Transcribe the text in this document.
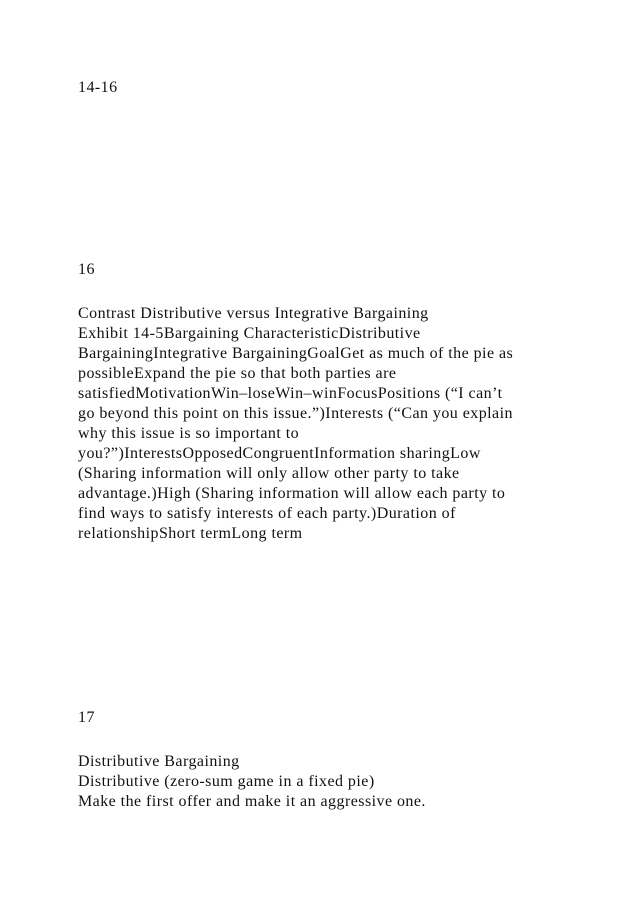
14-16
16
Contrast Distributive versus Integrative Bargaining
Exhibit 14-5Bargaining CharacteristicDistributive
BargainingIntegrative BargainingGoalGet as much of the pie as
possibleExpand the pie so that both parties are
satisfiedMotivationWin–loseWin–winFocusPositions (“I can’t
go beyond this point on this issue.”)Interests (“Can you explain
why this issue is so important to
you?”)InterestsOpposedCongruentInformation sharingLow
(Sharing information will only allow other party to take
advantage.)High (Sharing information will allow each party to
find ways to satisfy interests of each party.)Duration of
relationshipShort termLong term
17
Distributive Bargaining
Distributive (zero-sum game in a fixed pie)
Make the first offer and make it an aggressive one.
